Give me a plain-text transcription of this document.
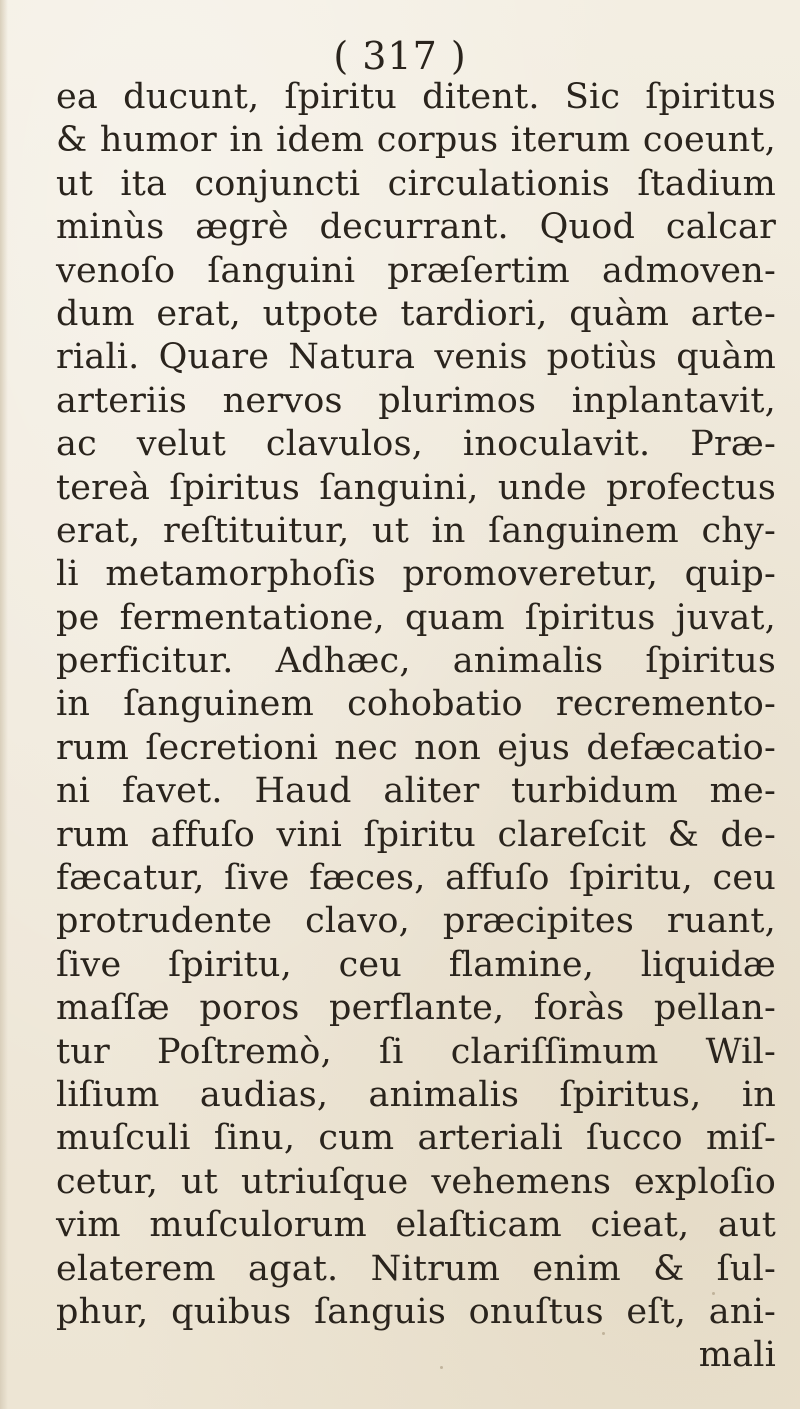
( 317 )
ea ducunt, ſpiritu ditent. Sic ſpiritus
& humor in idem corpus iterum coeunt,
ut ita conjuncti circulationis ſtadium
minùs ægrè decurrant. Quod calcar
venoſo ſanguini præſertim admoven-
dum erat, utpote tardiori, quàm arte-
riali. Quare Natura venis potiùs quàm
arteriis nervos plurimos inplantavit,
ac velut clavulos, inoculavit. Præ-
tereà ſpiritus ſanguini, unde profectus
erat, reſtituitur, ut in ſanguinem chy-
li metamorphoſis promoveretur, quip-
pe fermentatione, quam ſpiritus juvat,
perficitur. Adhæc, animalis ſpiritus
in ſanguinem cohobatio recremento-
rum ſecretioni nec non ejus defæcatio-
ni favet. Haud aliter turbidum me-
rum affuſo vini ſpiritu clareſcit & de-
fæcatur, ſive fæces, affuſo ſpiritu, ceu
protrudente clavo, præcipites ruant,
ſive ſpiritu, ceu flamine, liquidæ
maſſæ poros perflante, foràs pellan-
tur Poſtremò, ſi clariſſimum Wil-
liſium audias, animalis ſpiritus, in
muſculi ſinu, cum arteriali ſucco miſ-
cetur, ut utriuſque vehemens exploſio
vim muſculorum elaſticam cieat, aut
elaterem agat. Nitrum enim & ſul-
phur, quibus ſanguis onuſtus eſt, ani-
mali
